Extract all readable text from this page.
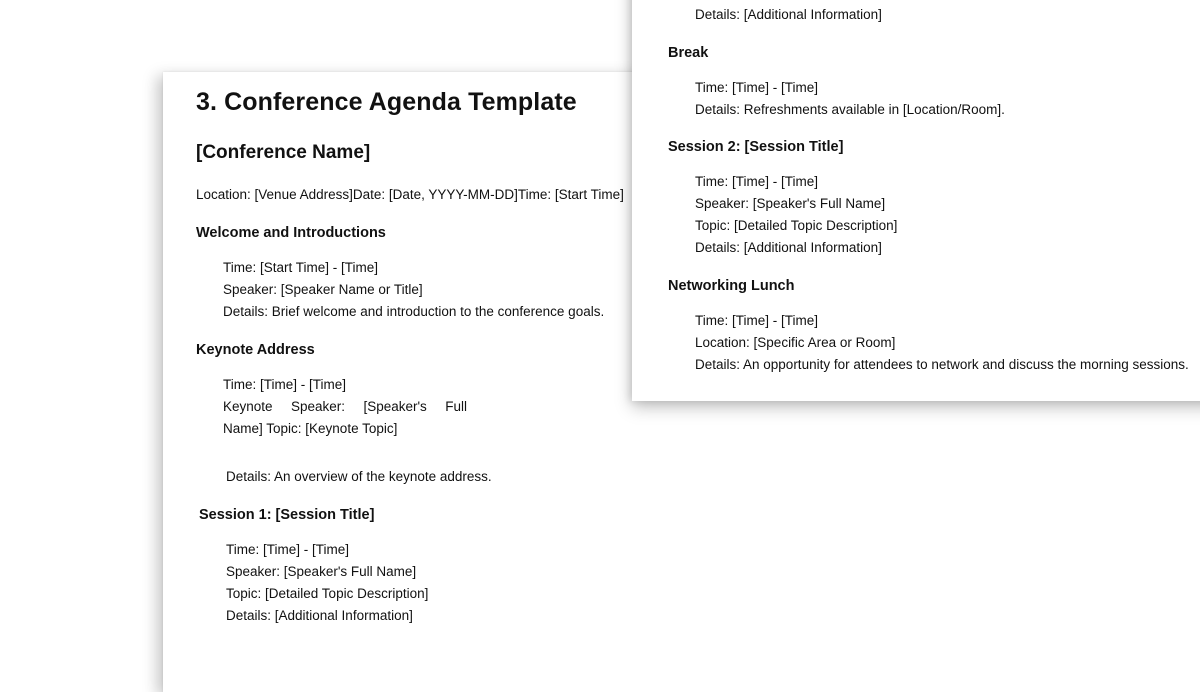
3. Conference Agenda Template
[Conference Name]
Location: [Venue Address]Date: [Date, YYYY-MM-DD]Time: [Start Time]
Welcome and Introductions
Time: [Start Time] - [Time]
Speaker: [Speaker Name or Title]
Details: Brief welcome and introduction to the conference goals.
Keynote Address
Time: [Time] - [Time]
Keynote Speaker: [Speaker's Full
Name] Topic: [Keynote Topic]
Details: An overview of the keynote address.
Session 1: [Session Title]
Time: [Time] - [Time]
Speaker: [Speaker's Full Name]
Topic: [Detailed Topic Description]
Details: [Additional Information]
Details: [Additional Information]
Break
Time: [Time] - [Time]
Details: Refreshments available in [Location/Room].
Session 2: [Session Title]
Time: [Time] - [Time]
Speaker: [Speaker's Full Name]
Topic: [Detailed Topic Description]
Details: [Additional Information]
Networking Lunch
Time: [Time] - [Time]
Location: [Specific Area or Room]
Details: An opportunity for attendees to network and discuss the morning sessions.
